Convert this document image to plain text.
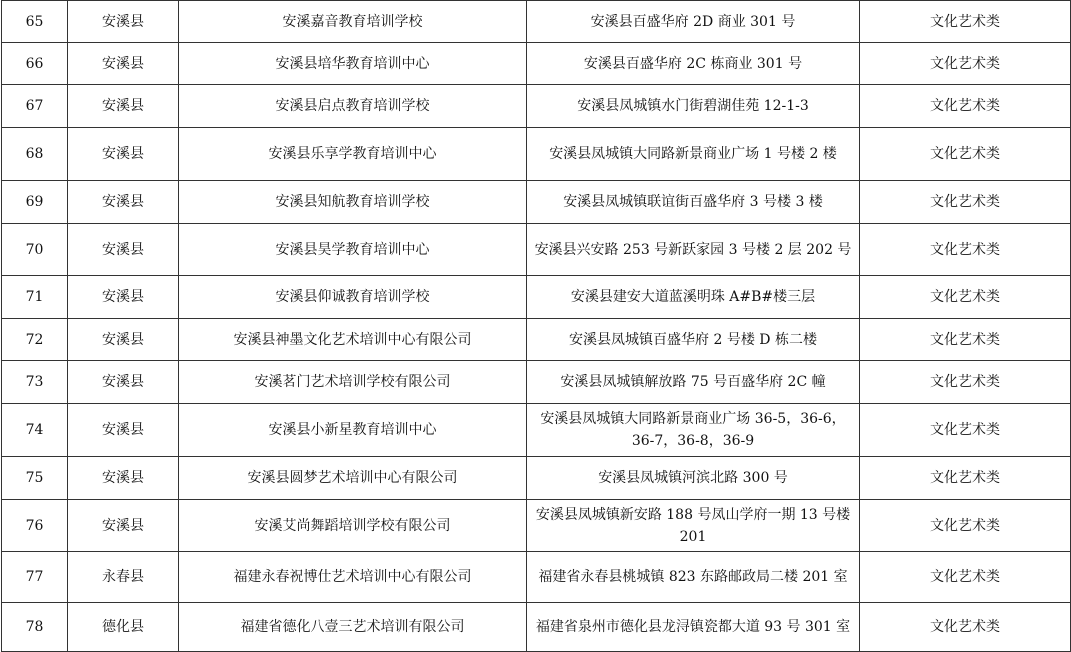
65	安溪县	安溪嘉音教育培训学校	安溪县百盛华府 2D 商业 301 号	文化艺术类
66	安溪县	安溪县培华教育培训中心	安溪县百盛华府 2C 栋商业 301 号	文化艺术类
67	安溪县	安溪县启点教育培训学校	安溪县凤城镇水门街碧湖佳苑 12-1-3	文化艺术类
68	安溪县	安溪县乐享学教育培训中心	安溪县凤城镇大同路新景商业广场 1 号楼 2 楼	文化艺术类
69	安溪县	安溪县知航教育培训学校	安溪县凤城镇联谊街百盛华府 3 号楼 3 楼	文化艺术类
70	安溪县	安溪县昊学教育培训中心	安溪县兴安路 253 号新跃家园 3 号楼 2 层 202 号	文化艺术类
71	安溪县	安溪县仰诚教育培训学校	安溪县建安大道蓝溪明珠 A#B#楼三层	文化艺术类
72	安溪县	安溪县神墨文化艺术培训中心有限公司	安溪县凤城镇百盛华府 2 号楼 D 栋二楼	文化艺术类
73	安溪县	安溪茗门艺术培训学校有限公司	安溪县凤城镇解放路 75 号百盛华府 2C 幢	文化艺术类
74	安溪县	安溪县小新星教育培训中心	安溪县凤城镇大同路新景商业广场 36-5，36-6，36-7，36-8，36-9	文化艺术类
75	安溪县	安溪县圆梦艺术培训中心有限公司	安溪县凤城镇河滨北路 300 号	文化艺术类
76	安溪县	安溪艾尚舞蹈培训学校有限公司	安溪县凤城镇新安路 188 号凤山学府一期 13 号楼 201	文化艺术类
77	永春县	福建永春祝博仕艺术培训中心有限公司	福建省永春县桃城镇 823 东路邮政局二楼 201 室	文化艺术类
78	德化县	福建省德化八壹三艺术培训有限公司	福建省泉州市德化县龙浔镇瓷都大道 93 号 301 室	文化艺术类
